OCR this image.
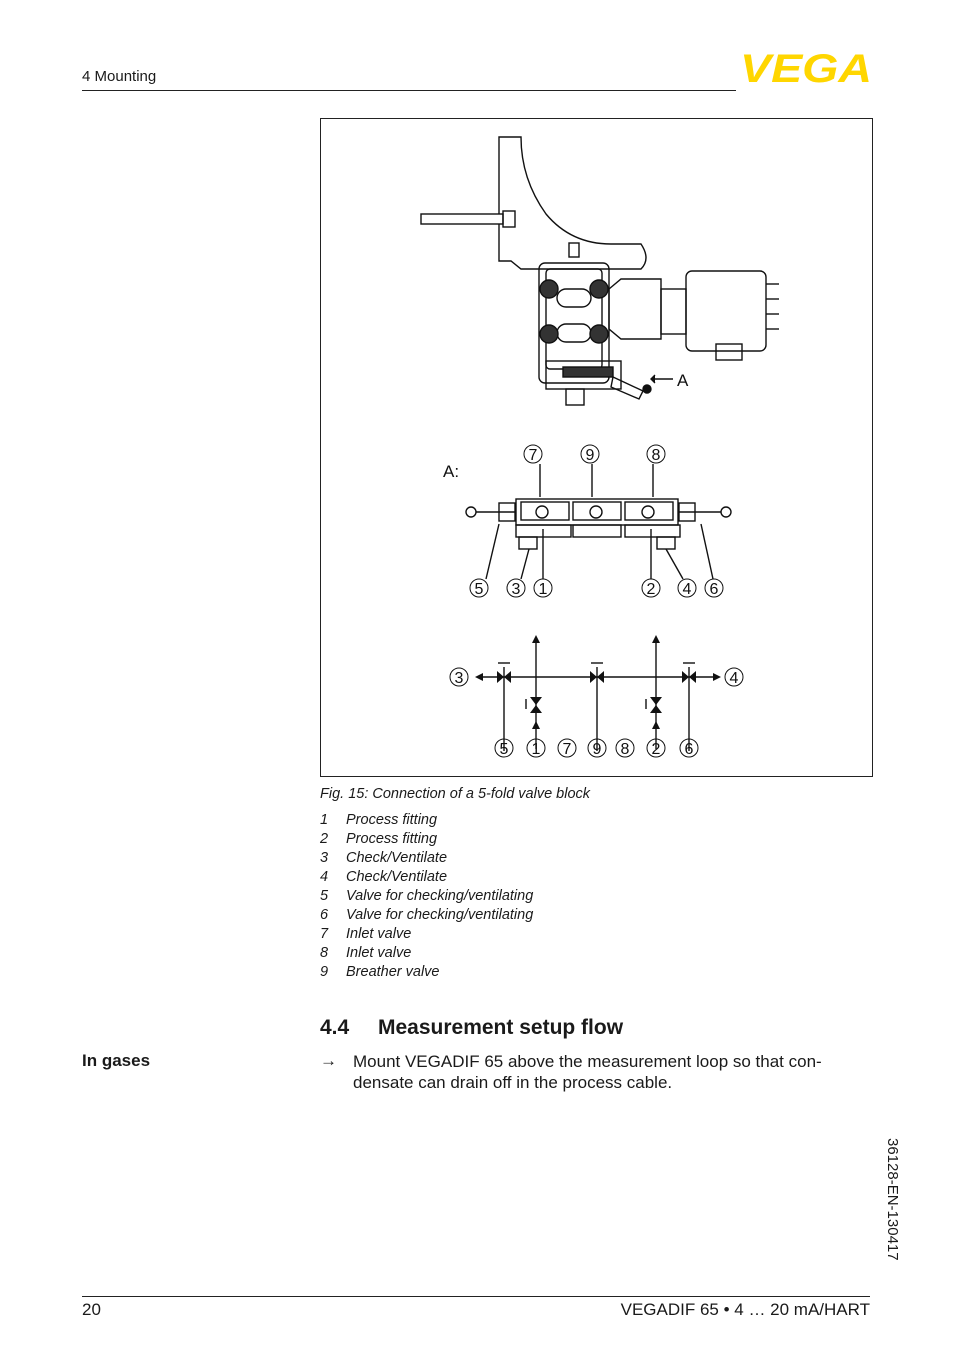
4 Mounting	VEGA
A
A:
7	9	8
5 3 1	2 4 6
3	4
5 1 7 9 8 2 6
Fig. 15: Connection of a 5-fold valve block
1	Process fitting
2	Process fitting
3	Check/Ventilate
4	Check/Ventilate
5	Valve for checking/ventilating
6	Valve for checking/ventilating
7	Inlet valve
8	Inlet valve
9	Breather valve
4.4 Measurement setup flow
In gases	→ Mount VEGADIF 65 above the measurement loop so that con-densate can drain off in the process cable.
36128-EN-130417
20	VEGADIF 65 • 4 … 20 mA/HART
